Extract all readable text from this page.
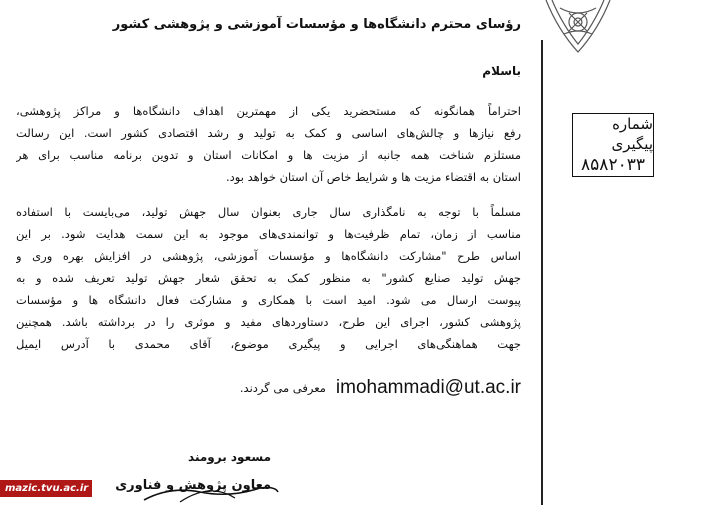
شماره پیگیری
۸۵۸۲۰۳۳
رؤسای محترم دانشگاه‌ها و مؤسسات آموزشی و پژوهشی کشور
باسلام
احتراماً همانگونه که مستحضرید یکی از مهمترین اهداف دانشگاه‌ها و مراکز پژوهشی،
رفع نیازها و چالش‌های اساسی و کمک به تولید و رشد اقتصادی کشور است. این رسالت
مستلزم شناخت همه جانبه از مزیت ها و امکانات استان و تدوین برنامه مناسب برای هر
استان به اقتضاء مزیت ها و شرایط خاص آن استان خواهد بود.
مسلماً با توجه به نامگذاری سال جاری بعنوان سال جهش تولید، می‌بایست با استفاده
مناسب از زمان، تمام ظرفیت‌ها و توانمندی‌های موجود به این سمت هدایت شود. بر این
اساس طرح "مشارکت دانشگاه‌ها و مؤسسات آموزشی، پژوهشی در افزایش بهره وری و
جهش تولید صنایع کشور" به منظور کمک به تحقق شعار جهش تولید تعریف شده و به
پیوست ارسال می شود. امید است با همکاری و مشارکت فعال دانشگاه ها و مؤسسات
پژوهشی کشور، اجرای این طرح، دستاوردهای مفید و موثری را در برداشته باشد. همچنین
جهت هماهنگی‌های اجرایی و پیگیری موضوع، آقای محمدی با آدرس ایمیل
معرفی می گردند. imohammadi@ut.ac.ir
مسعود برومند
معاون پژوهش و فناوری
mazic.tvu.ac.ir
